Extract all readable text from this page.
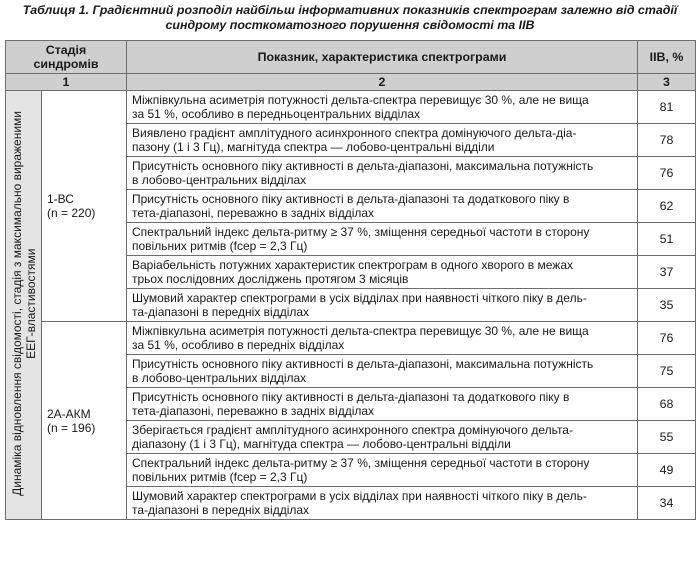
Таблиця 1. Градієнтний розподіл найбільш інформативних показників спектрограм залежно від стадії
синдрому посткоматозного порушення свідомості та ІІВ
Стадія
синдромів		Показник, характеристика спектрограми	ІІВ, %
1		2	3
Динаміка відновлення свідомості, стадія з максимально вираженими
ЕЕГ-властивостями	1-ВС
(n = 220)	Міжпівкульна асиметрія потужності дельта-спектра перевищує 30 %, але не вища
за 51 %, особливо в передньоцентральних відділах	81

		Виявлено градієнт амплітудного асинхронного спектра домінуючого дельта-діа-
пазону (1 і 3 Гц), магнітуда спектра — лобово-центральні відділи	78

		Присутність основного піку активності в дельта-діапазоні, максимальна потужність
в лобово-центральних відділах	76

		Присутність основного піку активності в дельта-діапазоні та додаткового піку в
тета-діапазоні, переважно в задніх відділах	62

		Спектральний індекс дельта-ритму ≥ 37 %, зміщення середньої частоти в сторону
повільних ритмів (fcер = 2,3 Гц)	51

		Варіабельність потужних характеристик спектрограм в одного хворого в межах
трьох послідовних досліджень протягом 3 місяців	37

		Шумовий характер спектрограми в усіх відділах при наявності чіткого піку в дель-
та-діапазоні в передніх відділах	35

	2А-АКМ
(n = 196)	Міжпівкульна асиметрія потужності дельта-спектра перевищує 30 %, але не вища
за 51 %, особливо в передніх відділах	76

		Присутність основного піку активності в дельта-діапазоні, максимальна потужність
в лобово-центральних відділах	75

		Присутність основного піку активності в дельта-діапазоні та додаткового піку в
тета-діапазоні, переважно в задніх відділах	68

		Зберігається градієнт амплітудного асинхронного спектра домінуючого дельта-
діапазону (1 і 3 Гц), магнітуда спектра — лобово-центральні відділи	55

		Спектральний індекс дельта-ритму ≥ 37 %, зміщення середньої частоти в сторону
повільних ритмів (fcер = 2,3 Гц)	49

		Шумовий характер спектрограми в усіх відділах при наявності чіткого піку в дель-
та-діапазоні в передніх відділах	34
